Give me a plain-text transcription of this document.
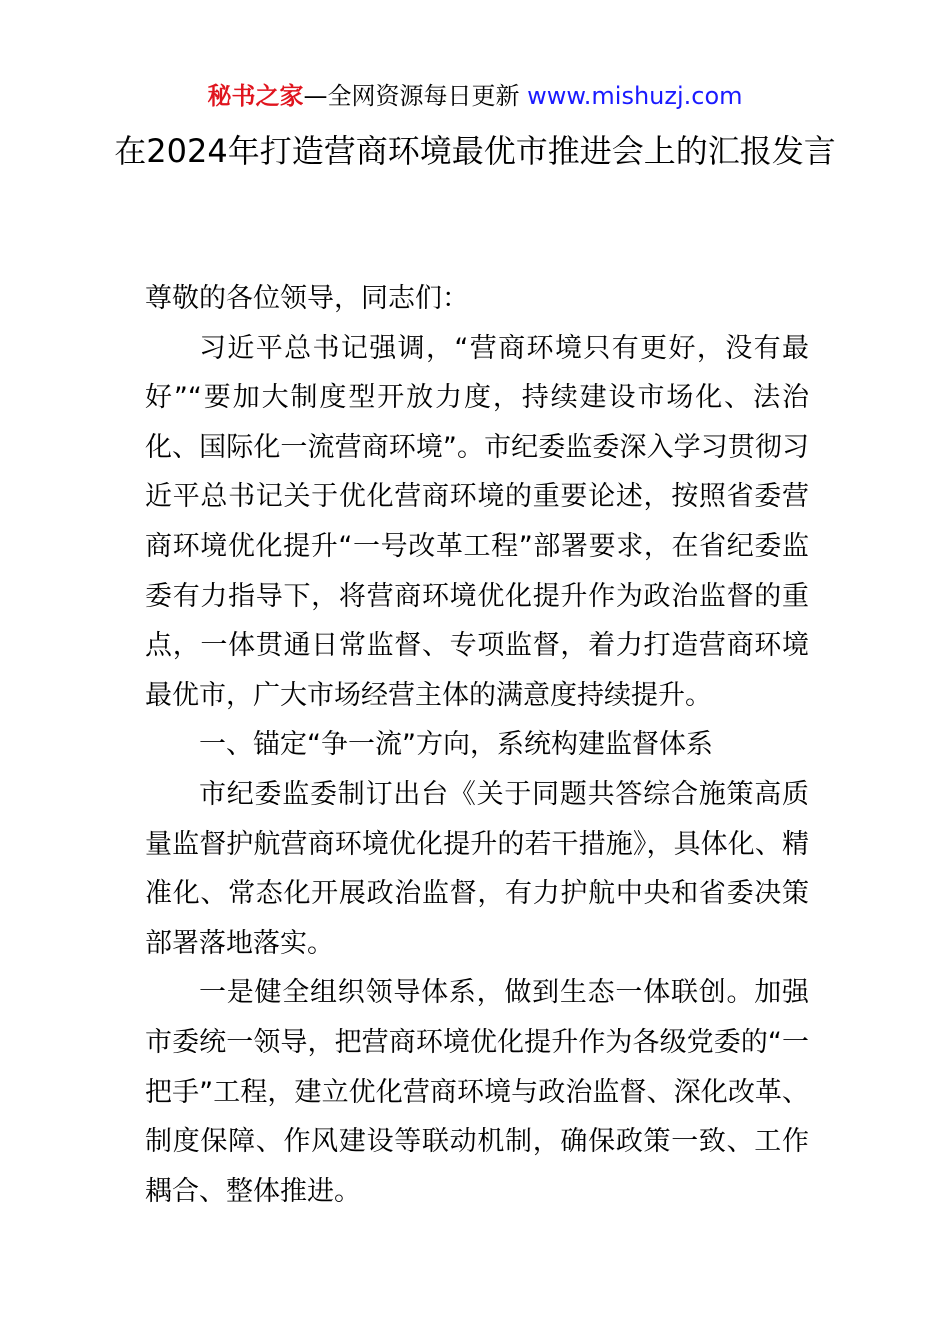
秘书之家—全网资源每日更新 www.mishuzj.com
在2024年打造营商环境最优市推进会上的汇报发言

尊敬的各位领导，同志们：

习近平总书记强调，“营商环境只有更好，没有最好”“要加大制度型开放力度，持续建设市场化、法治化、国际化一流营商环境”。市纪委监委深入学习贯彻习近平总书记关于优化营商环境的重要论述，按照省委营商环境优化提升“一号改革工程”部署要求，在省纪委监委有力指导下，将营商环境优化提升作为政治监督的重点，一体贯通日常监督、专项监督，着力打造营商环境最优市，广大市场经营主体的满意度持续提升。

一、锚定“争一流”方向，系统构建监督体系

市纪委监委制订出台《关于同题共答综合施策高质量监督护航营商环境优化提升的若干措施》，具体化、精准化、常态化开展政治监督，有力护航中央和省委决策部署落地落实。

一是健全组织领导体系，做到生态一体联创。加强市委统一领导，把营商环境优化提升作为各级党委的“一把手”工程，建立优化营商环境与政治监督、深化改革、制度保障、作风建设等联动机制，确保政策一致、工作耦合、整体推进。
